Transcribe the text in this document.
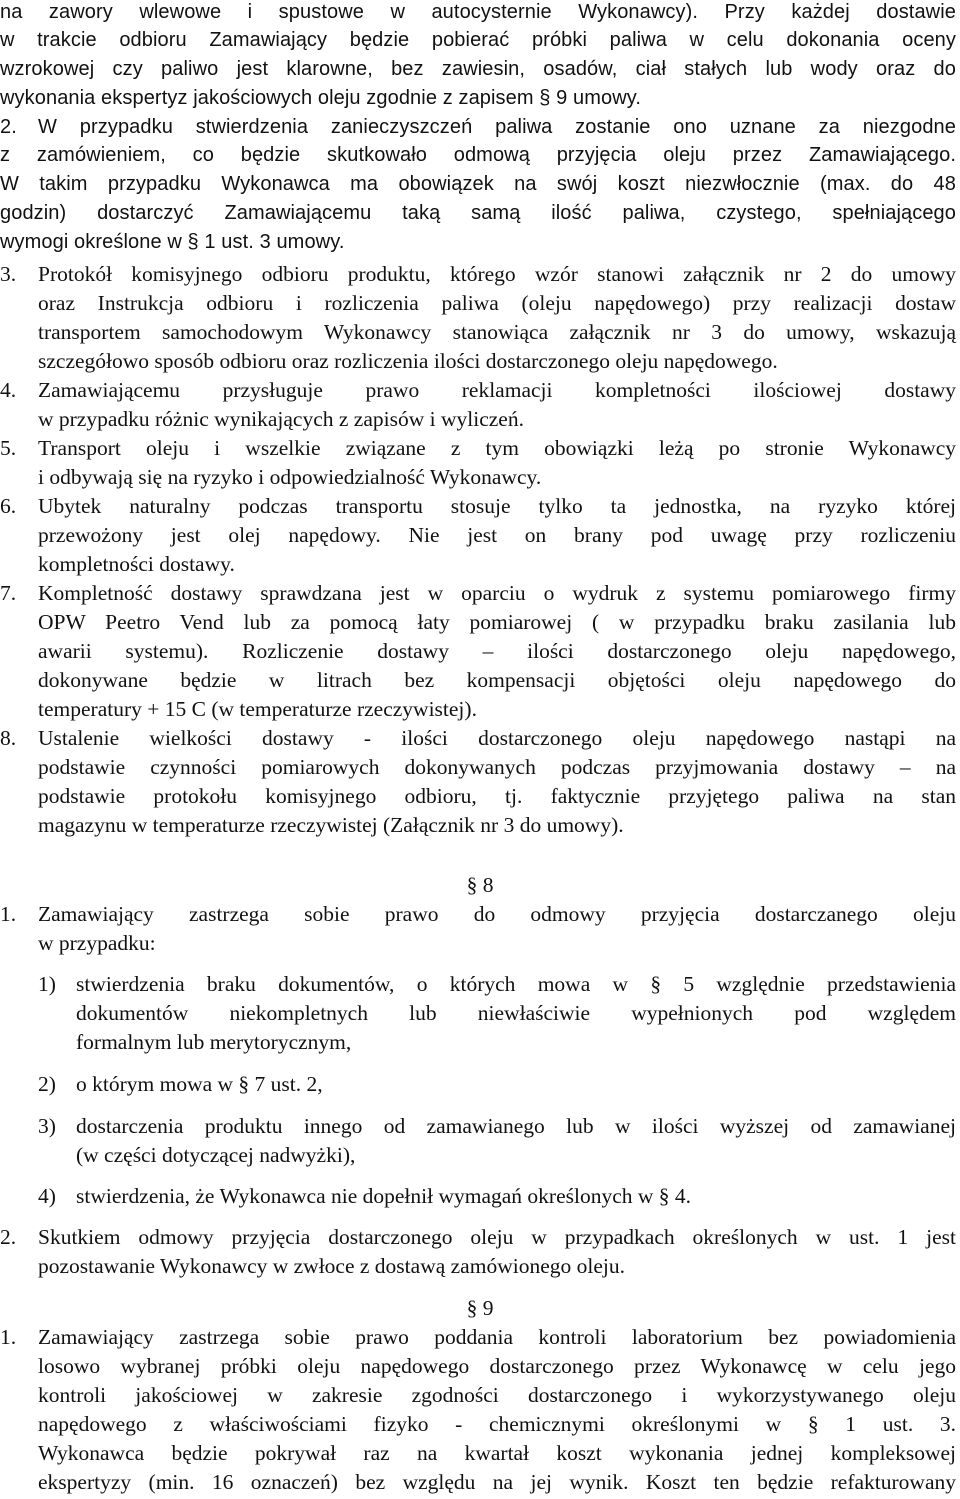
na zawory wlewowe i spustowe w autocysternie Wykonawcy). Przy każdej dostawie
w trakcie odbioru Zamawiający będzie pobierać próbki paliwa w celu dokonania oceny
wzrokowej czy paliwo jest klarowne, bez zawiesin, osadów, ciał stałych lub wody oraz do
wykonania ekspertyz jakościowych oleju zgodnie z zapisem § 9 umowy.
2. W przypadku stwierdzenia zanieczyszczeń paliwa zostanie ono uznane za niezgodne
z zamówieniem, co będzie skutkowało odmową przyjęcia oleju przez Zamawiającego.
W takim przypadku Wykonawca ma obowiązek na swój koszt niezwłocznie (max. do 48
godzin) dostarczyć Zamawiającemu taką samą ilość paliwa, czystego, spełniającego
wymogi określone w § 1 ust. 3 umowy.
3. Protokół komisyjnego odbioru produktu, którego wzór stanowi załącznik nr 2 do umowy
oraz Instrukcja odbioru i rozliczenia paliwa (oleju napędowego) przy realizacji dostaw
transportem samochodowym Wykonawcy stanowiąca załącznik nr 3 do umowy, wskazują
szczegółowo sposób odbioru oraz rozliczenia ilości dostarczonego oleju napędowego.
4. Zamawiającemu przysługuje prawo reklamacji kompletności ilościowej dostawy
w przypadku różnic wynikających z zapisów i wyliczeń.
5. Transport oleju i wszelkie związane z tym obowiązki leżą po stronie Wykonawcy
i odbywają się na ryzyko i odpowiedzialność Wykonawcy.
6. Ubytek naturalny podczas transportu stosuje tylko ta jednostka, na ryzyko której
przewożony jest olej napędowy. Nie jest on brany pod uwagę przy rozliczeniu
kompletności dostawy.
7. Kompletność dostawy sprawdzana jest w oparciu o wydruk z systemu pomiarowego firmy
OPW Peetro Vend lub za pomocą łaty pomiarowej ( w przypadku braku zasilania lub
awarii systemu). Rozliczenie dostawy – ilości dostarczonego oleju napędowego,
dokonywane będzie w litrach bez kompensacji objętości oleju napędowego do
temperatury + 15 C (w temperaturze rzeczywistej).
8. Ustalenie wielkości dostawy - ilości dostarczonego oleju napędowego nastąpi na
podstawie czynności pomiarowych dokonywanych podczas przyjmowania dostawy – na
podstawie protokołu komisyjnego odbioru, tj. faktycznie przyjętego paliwa na stan
magazynu w temperaturze rzeczywistej (Załącznik nr 3 do umowy).
§ 8
1. Zamawiający zastrzega sobie prawo do odmowy przyjęcia dostarczanego oleju
w przypadku:
1) stwierdzenia braku dokumentów, o których mowa w § 5 względnie przedstawienia
dokumentów niekompletnych lub niewłaściwie wypełnionych pod względem
formalnym lub merytorycznym,
2) o którym mowa w § 7 ust. 2,
3) dostarczenia produktu innego od zamawianego lub w ilości wyższej od zamawianej
(w części dotyczącej nadwyżki),
4) stwierdzenia, że Wykonawca nie dopełnił wymagań określonych w § 4.
2. Skutkiem odmowy przyjęcia dostarczonego oleju w przypadkach określonych w ust. 1 jest
pozostawanie Wykonawcy w zwłoce z dostawą zamówionego oleju.
§ 9
1. Zamawiający zastrzega sobie prawo poddania kontroli laboratorium bez powiadomienia
losowo wybranej próbki oleju napędowego dostarczonego przez Wykonawcę w celu jego
kontroli jakościowej w zakresie zgodności dostarczonego i wykorzystywanego oleju
napędowego z właściwościami fizyko - chemicznymi określonymi w § 1 ust. 3.
Wykonawca będzie pokrywał raz na kwartał koszt wykonania jednej kompleksowej
ekspertyzy (min. 16 oznaczeń) bez względu na jej wynik. Koszt ten będzie refakturowany
